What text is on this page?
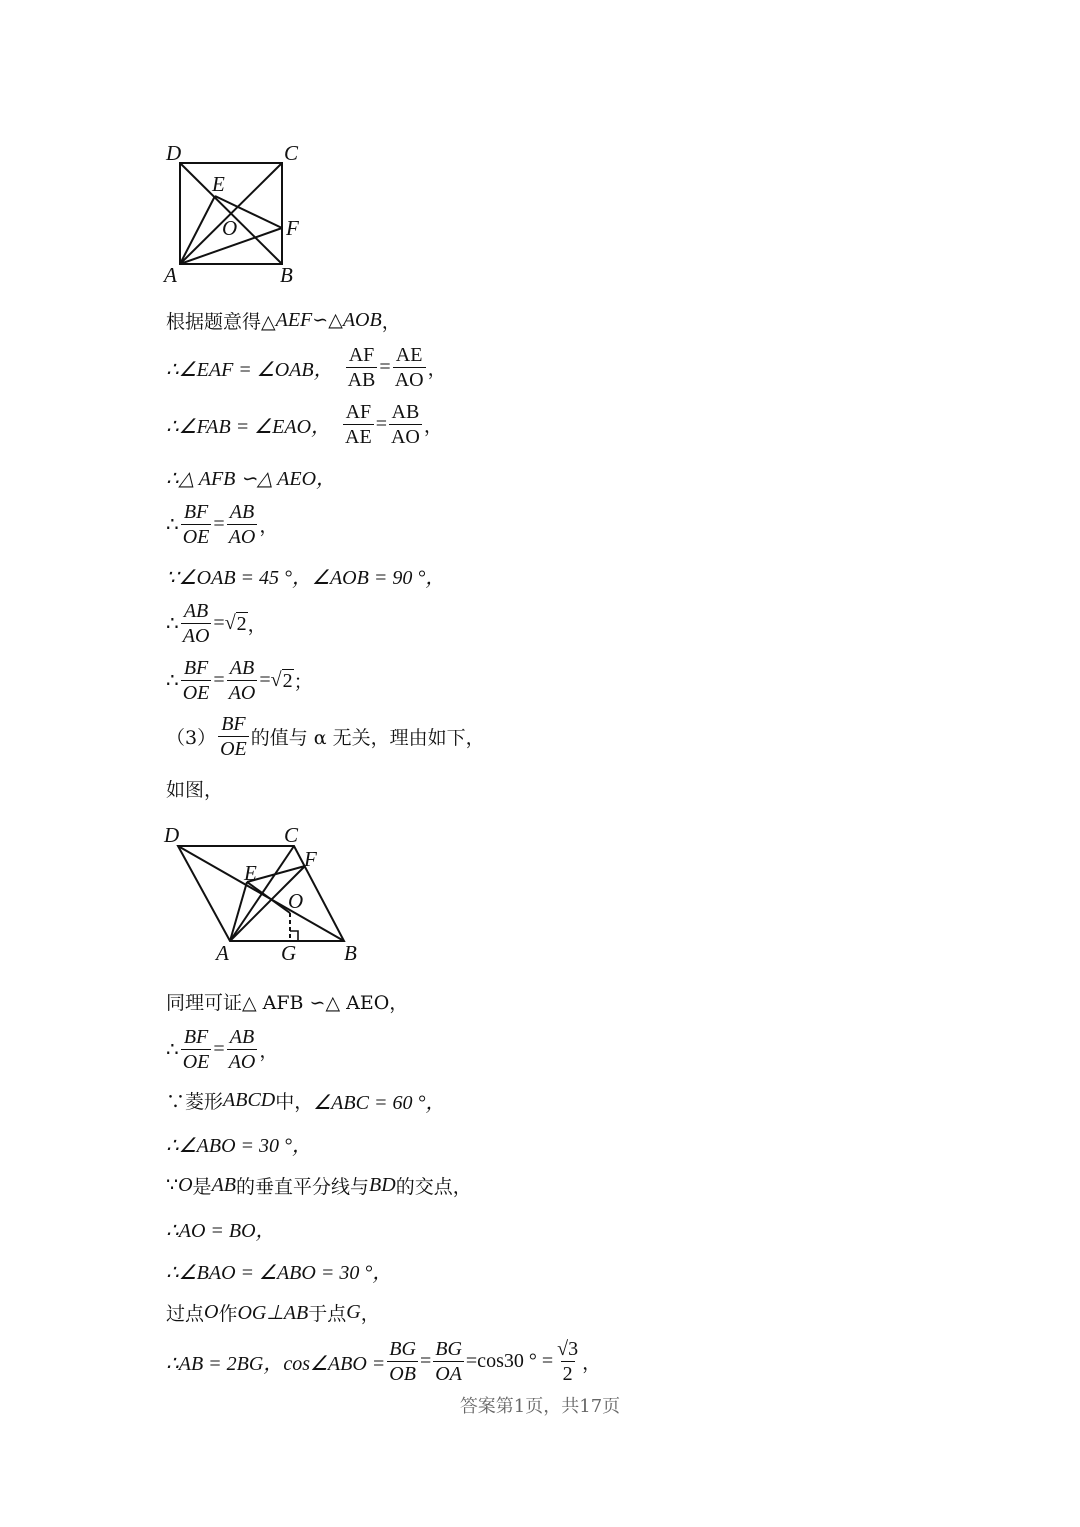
D	C
E
O F
A	B
根据题意得△ AEF ∽△ AOB ，
∴∠EAF = ∠OAB， $\frac{AF}{AB} = \frac{AE}{AO}$ ，
∴∠FAB = ∠EAO， $\frac{AF}{AE} = \frac{AB}{AO}$ ，
∴△ AFB ∽△ AEO，
∴ $\frac{BF}{OE} = \frac{AB}{AO}$ ，
∵∠OAB = 45 °，∠AOB = 90 °，
∴ $\frac{AB}{AO}$ = √ 2 ，
∴ $\frac{BF}{OE} = \frac{AB}{AO}$ = √ 2 ；
$(3) \frac{BF}{OE}$ 的值与 α 无关，理由如下，
如图，
D	C
E
F
O
A G B
同理可证△ AFB ∽△ AEO，
∴ $\frac{BF}{OE} = \frac{AB}{AO}$ ，
∵菱形 ABCD 中， ∠ABC = 60 °，
∴∠ABO = 30 °，
∵ O 是 AB 的垂直平分线与 BD 的交点，
∴AO = BO，
∴∠BAO = ∠ABO = 30 °，
过点 O 作 OG⊥AB 于点 G ，
∴AB = 2BG，cos∠ABO = $\frac{BG}{OB} = \frac{BG}{OA} =\cos 30$ ° = $\frac{√3}{2}$ ，
答案第1页，共17页
